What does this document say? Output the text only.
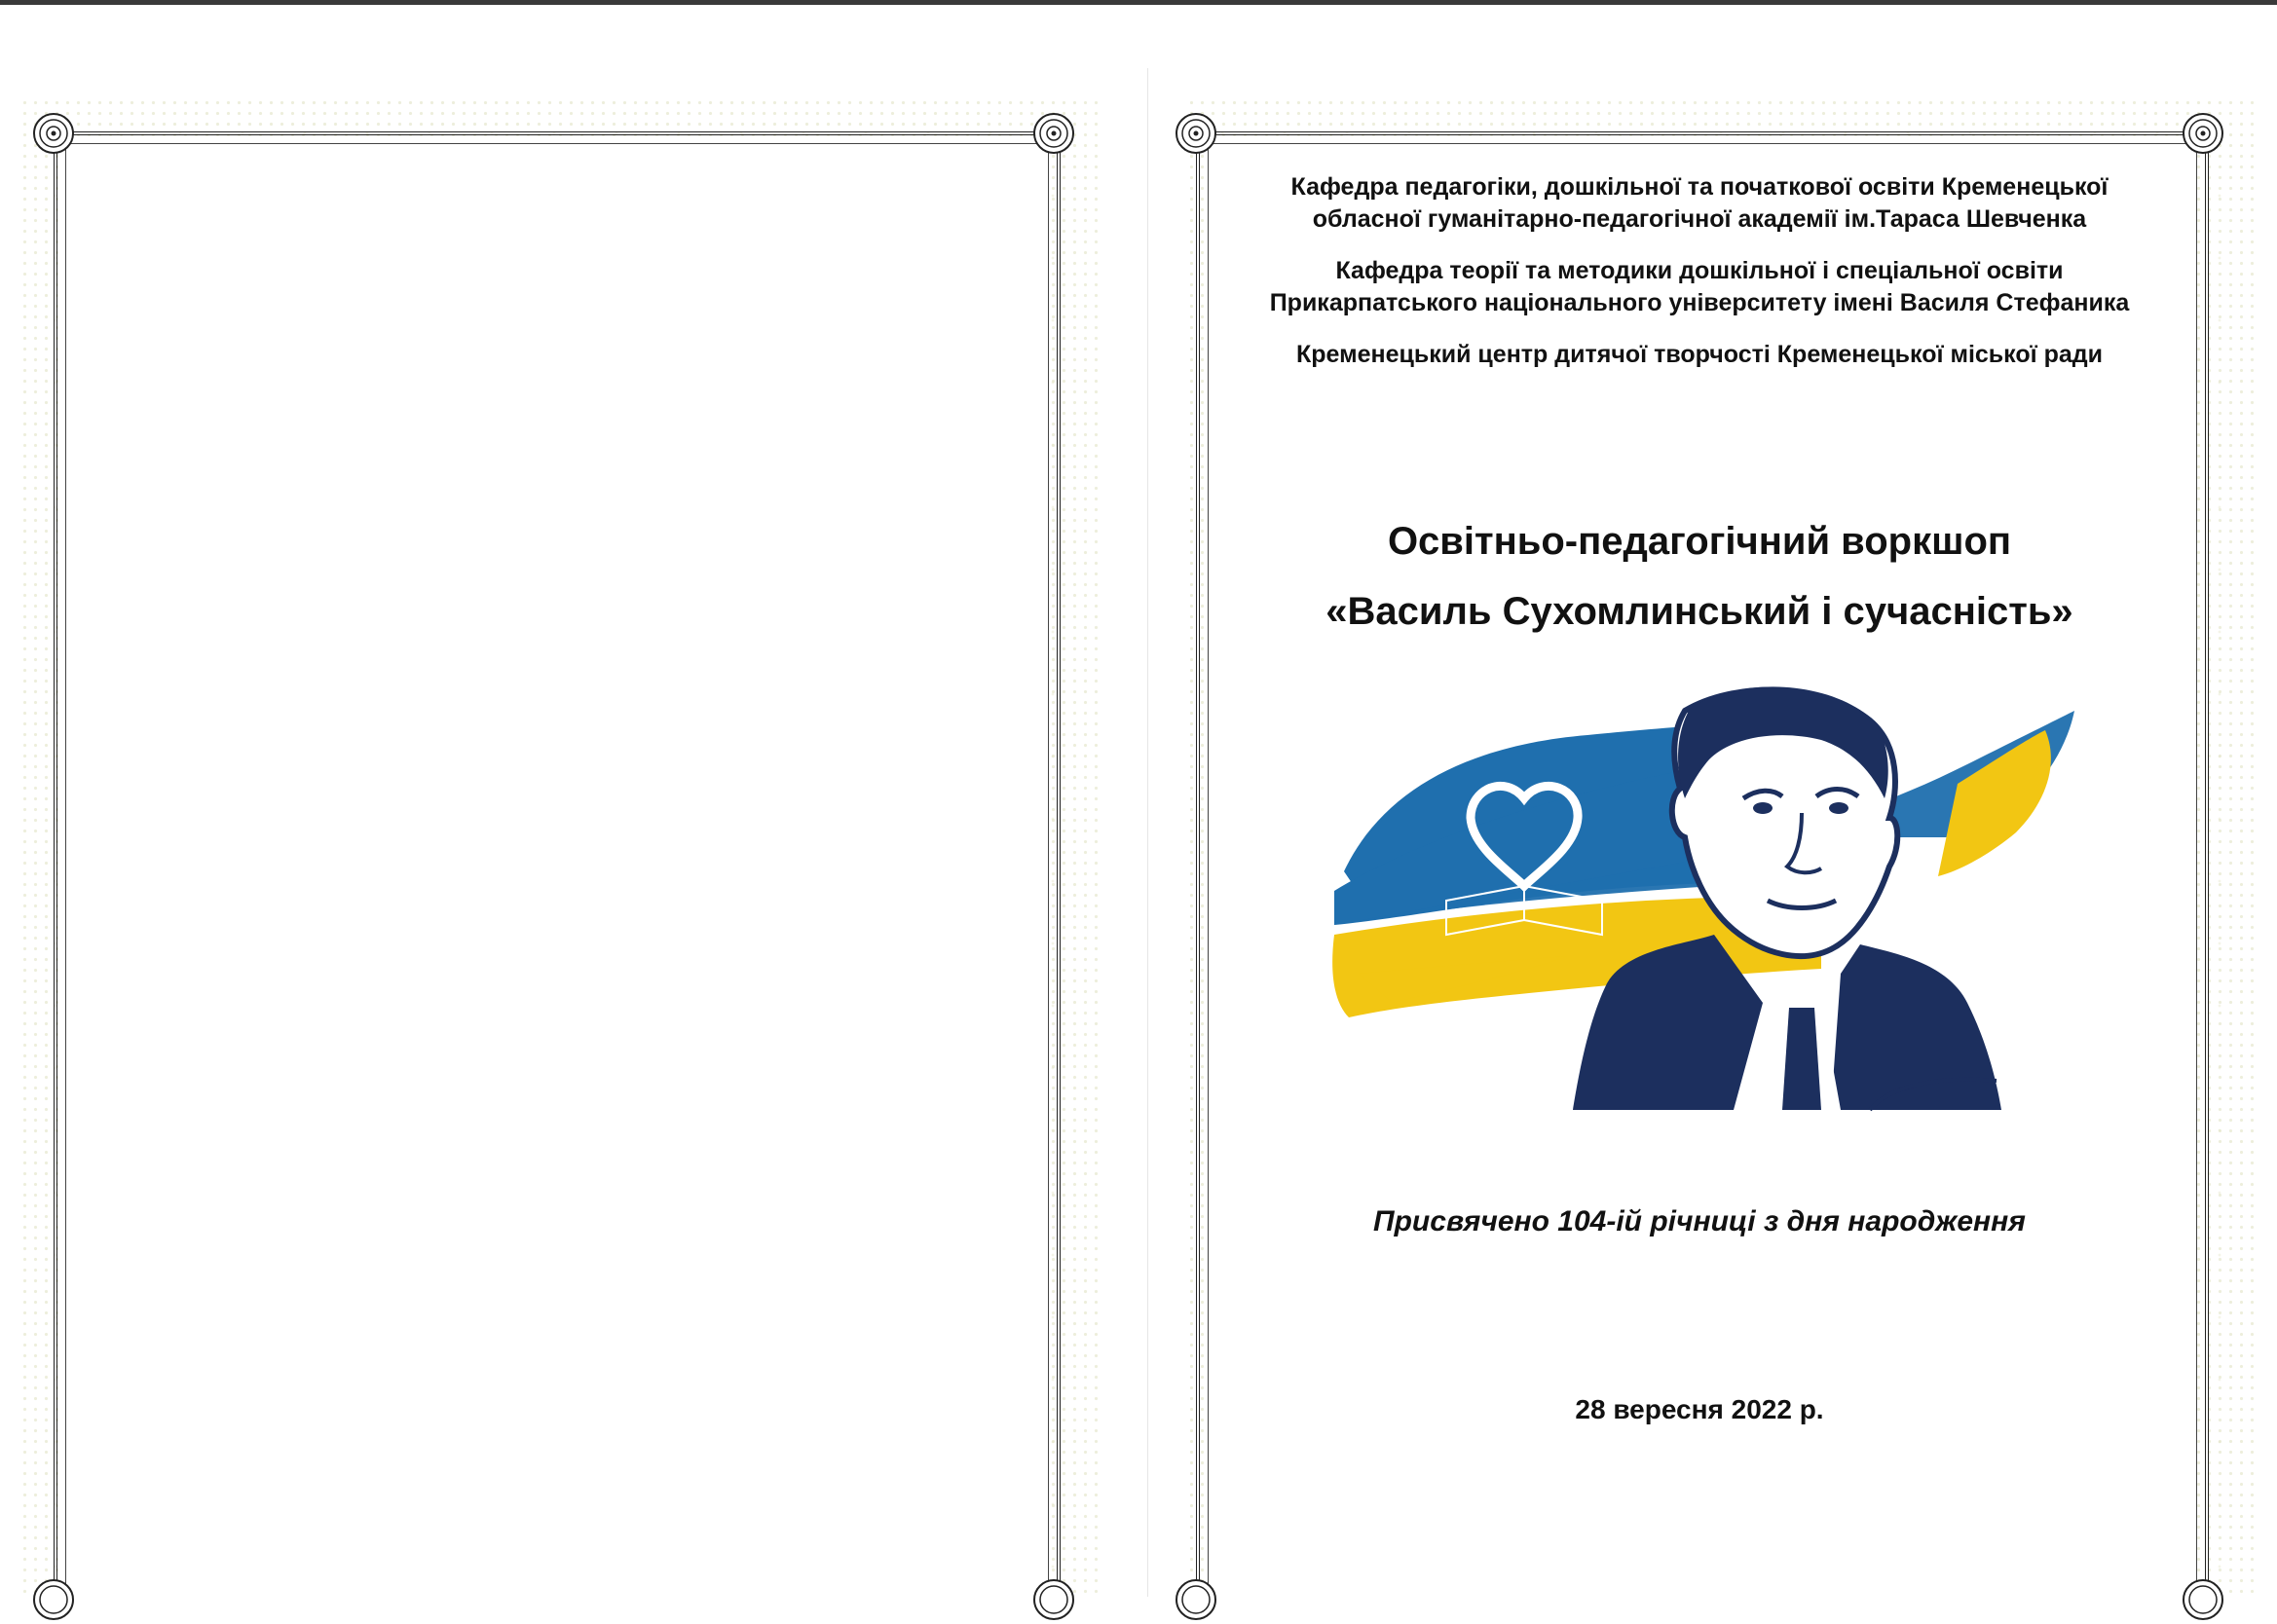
Кафедра педагогіки, дошкільної та початкової освіти Кременецької

обласної гуманітарно-педагогічної академії ім.Тараса Шевченка

Кафедра теорії та методики дошкільної і спеціальної освіти

Прикарпатського національного університету імені Василя Стефаника

Кременецький центр дитячої творчості Кременецької міської ради

Освітньо-педагогічний воркшоп
«Василь Сухомлинський і сучасність»
Присвячено 104-ій річниці з дня народження
28 вересня 2022 р.
